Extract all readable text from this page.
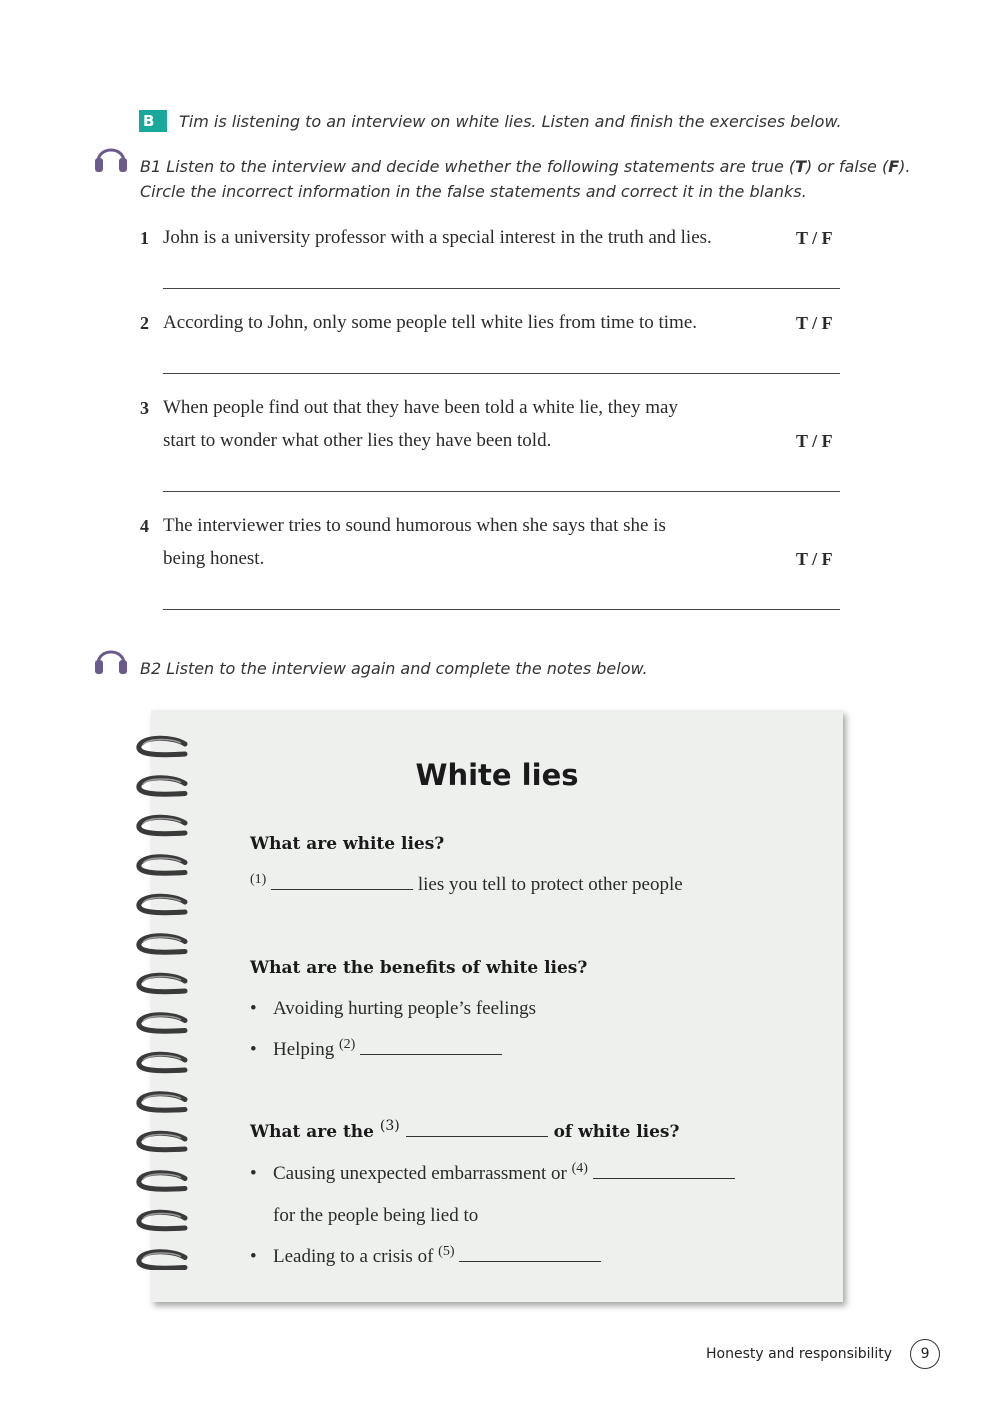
B	Tim is listening to an interview on white lies. Listen and finish the exercises below.
B1 Listen to the interview and decide whether the following statements are true (T) or false (F).
Circle the incorrect information in the false statements and correct it in the blanks.
1 John is a university professor with a special interest in the truth and lies.	T / F
2 According to John, only some people tell white lies from time to time.	T / F
3 When people find out that they have been told a white lie, they may
start to wonder what other lies they have been told.	T / F
4 The interviewer tries to sound humorous when she says that she is
being honest.	T / F
B2 Listen to the interview again and complete the notes below.
White lies
What are white lies?
$^{(1)}$	lies you tell to protect other people
What are the benefits of white lies?
• Avoiding hurting people’s feelings
• Helping $^{(2)}$
What are the $^{(3)}$	of white lies?
• Causing unexpected embarrassment or $^{(4)}$
for the people being lied to
• Leading to a crisis of $^{(5)}$
Honesty and responsibility	9
